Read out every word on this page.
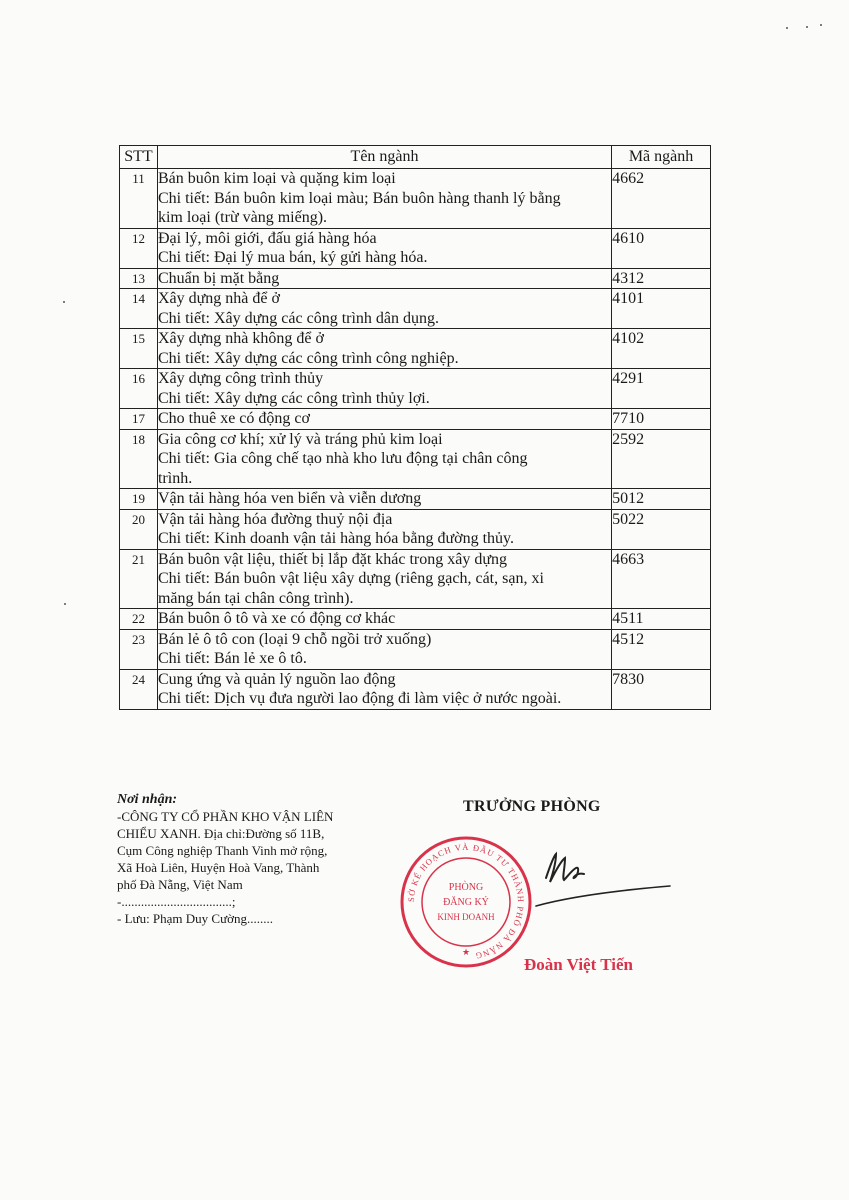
STT	Tên ngành	Mã ngành
11	Bán buôn kim loại và quặng kim loại
Chi tiết: Bán buôn kim loại màu; Bán buôn hàng thanh lý bằng
kim loại (trừ vàng miếng).	4662
12	Đại lý, môi giới, đấu giá hàng hóa
Chi tiết: Đại lý mua bán, ký gửi hàng hóa.	4610
13	Chuẩn bị mặt bằng	4312
14	Xây dựng nhà để ở
Chi tiết: Xây dựng các công trình dân dụng.	4101
15	Xây dựng nhà không để ở
Chi tiết: Xây dựng các công trình công nghiệp.	4102
16	Xây dựng công trình thủy
Chi tiết: Xây dựng các công trình thủy lợi.	4291
17	Cho thuê xe có động cơ	7710
18	Gia công cơ khí; xử lý và tráng phủ kim loại
Chi tiết: Gia công chế tạo nhà kho lưu động tại chân công
trình.	2592
19	Vận tải hàng hóa ven biển và viễn dương	5012
20	Vận tải hàng hóa đường thuỷ nội địa
Chi tiết: Kinh doanh vận tải hàng hóa bằng đường thủy.	5022
21	Bán buôn vật liệu, thiết bị lắp đặt khác trong xây dựng
Chi tiết: Bán buôn vật liệu xây dựng (riêng gạch, cát, sạn, xi
măng bán tại chân công trình).	4663
22	Bán buôn ô tô và xe có động cơ khác	4511
23	Bán lẻ ô tô con (loại 9 chỗ ngồi trở xuống)
Chi tiết: Bán lẻ xe ô tô.	4512
24	Cung ứng và quản lý nguồn lao động
Chi tiết: Dịch vụ đưa người lao động đi làm việc ở nước ngoài.	7830
Nơi nhận:
-CÔNG TY CỔ PHẦN KHO VẬN LIÊN
CHIỂU XANH. Địa chỉ:Đường số 11B,
Cụm Công nghiệp Thanh Vinh mở rộng,
Xã Hoà Liên, Huyện Hoà Vang, Thành
phố Đà Nẵng, Việt Nam
-..................................;
- Lưu: Phạm Duy Cường........
TRƯỞNG PHÒNG
SỞ KẾ HOẠCH VÀ ĐẦU TƯ THÀNH PHỐ ĐÀ NẴNG
PHÒNG
ĐĂNG KÝ
KINH DOANH
★
Đoàn Việt Tiến
